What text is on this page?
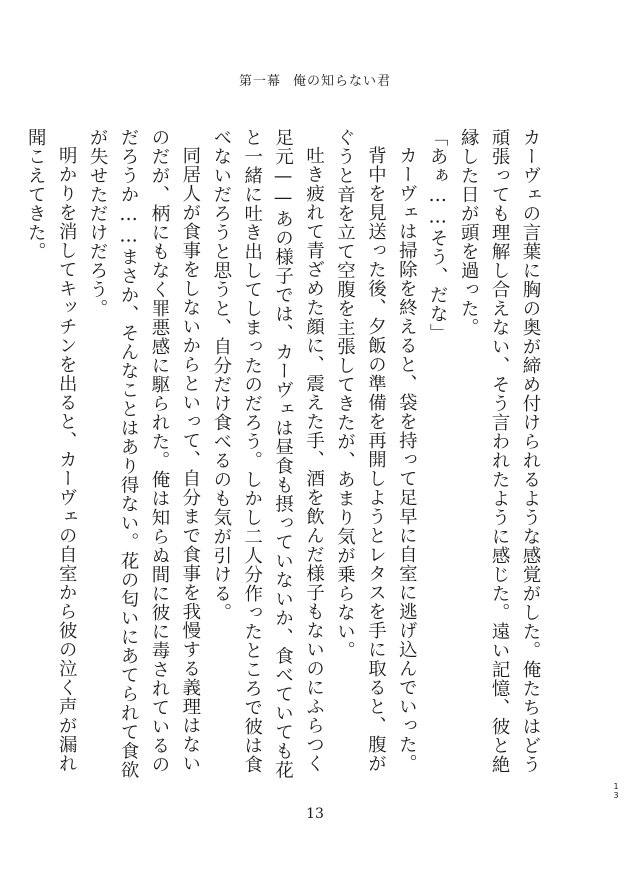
第一幕 俺の知らない君

カーヴェの言葉に胸の奥が締め付けられるような感覚がした。俺たちはどう頑張っても理解し合えない、そう言われたように感じた。遠い記憶、彼と絶縁した日が頭を過った。

「あぁ……そう、だな」

カーヴェは掃除を終えると、袋を持って足早に自室に逃げ込んでいった。

背中を見送った後、夕飯の準備を再開しようとレタスを手に取ると、腹がぐうと音を立て空腹を主張してきたが、あまり気が乗らない。

吐き疲れて青ざめた顔に、震えた手、酒を飲んだ様子もないのにふらつく足元——あの様子では、カーヴェは昼食も摂っていないか、食べていても花と一緒に吐き出してしまったのだろう。しかし二人分作ったところで彼は食べないだろうと思うと、自分だけ食べるのも気が引ける。

同居人が食事をしないからといって、自分まで食事を我慢する義理はないのだが、柄にもなく罪悪感に駆られた。俺は知らぬ間に彼に毒されているのだろうか……まさか、そんなことはあり得ない。花の匂いにあてられて食欲が失せただけだろう。

明かりを消してキッチンを出ると、カーヴェの自室から彼の泣く声が漏れ聞こえてきた。

13
1
3
